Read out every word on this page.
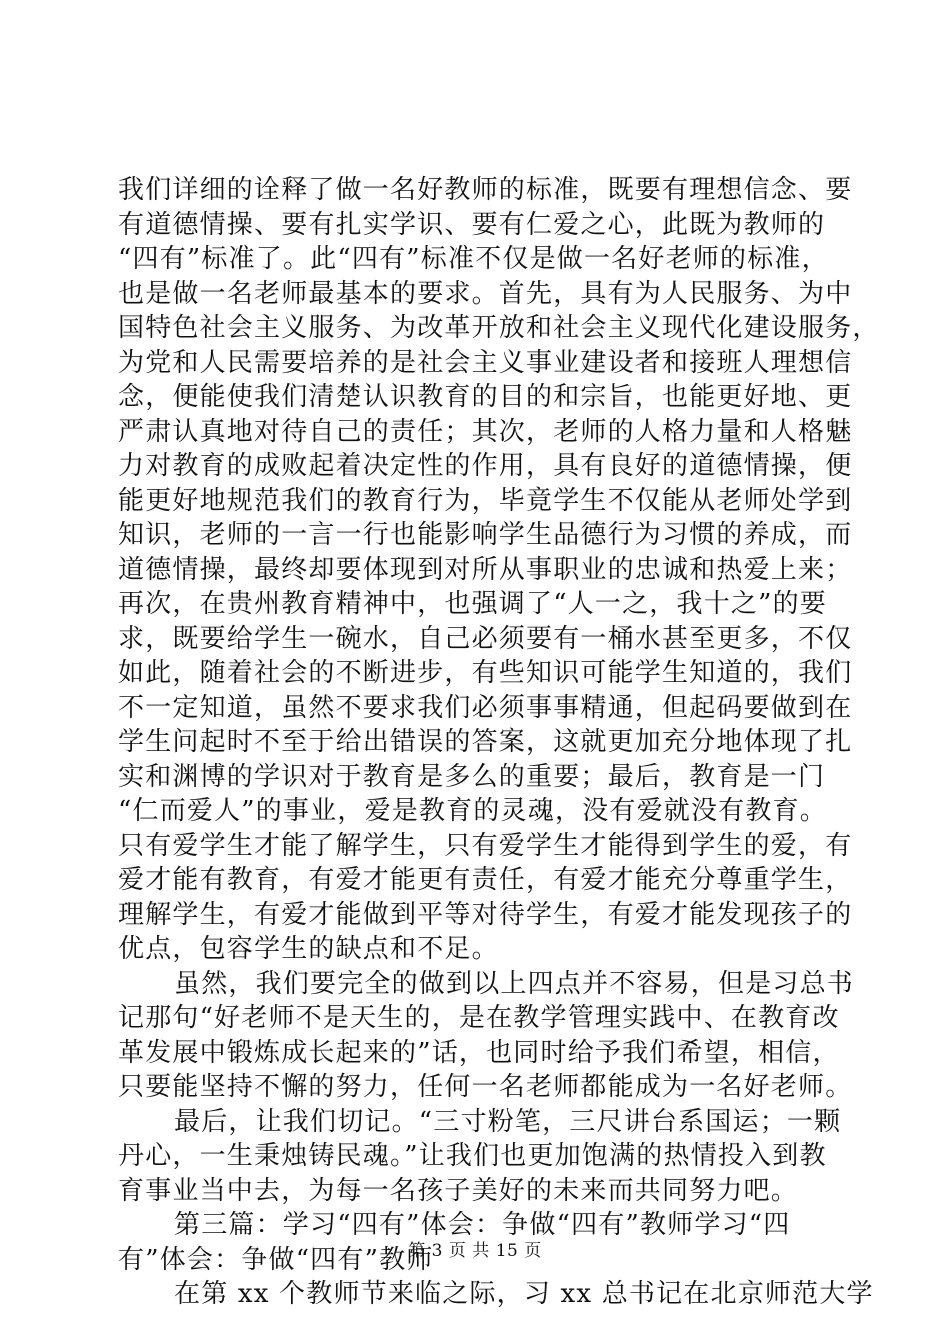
我们详细的诠释了做一名好教师的标准，既要有理想信念、要
有道德情操、要有扎实学识、要有仁爱之心，此既为教师的
“四有”标准了。此“四有”标准不仅是做一名好老师的标准，
也是做一名老师最基本的要求。首先，具有为人民服务、为中
国特色社会主义服务、为改革开放和社会主义现代化建设服务，
为党和人民需要培养的是社会主义事业建设者和接班人理想信
念，便能使我们清楚认识教育的目的和宗旨，也能更好地、更
严肃认真地对待自己的责任；其次，老师的人格力量和人格魅
力对教育的成败起着决定性的作用，具有良好的道德情操，便
能更好地规范我们的教育行为，毕竟学生不仅能从老师处学到
知识，老师的一言一行也能影响学生品德行为习惯的养成，而
道德情操，最终却要体现到对所从事职业的忠诚和热爱上来；
再次，在贵州教育精神中，也强调了“人一之，我十之”的要
求，既要给学生一碗水，自己必须要有一桶水甚至更多，不仅
如此，随着社会的不断进步，有些知识可能学生知道的，我们
不一定知道，虽然不要求我们必须事事精通，但起码要做到在
学生问起时不至于给出错误的答案，这就更加充分地体现了扎
实和渊博的学识对于教育是多么的重要；最后，教育是一门
“仁而爱人”的事业，爱是教育的灵魂，没有爱就没有教育。
只有爱学生才能了解学生，只有爱学生才能得到学生的爱，有
爱才能有教育，有爱才能更有责任，有爱才能充分尊重学生，
理解学生，有爱才能做到平等对待学生，有爱才能发现孩子的
优点，包容学生的缺点和不足。
虽然，我们要完全的做到以上四点并不容易，但是习总书
记那句“好老师不是天生的，是在教学管理实践中、在教育改
革发展中锻炼成长起来的”话，也同时给予我们希望，相信，
只要能坚持不懈的努力，任何一名老师都能成为一名好老师。
最后，让我们切记。“三寸粉笔，三尺讲台系国运；一颗
丹心，一生秉烛铸民魂。”让我们也更加饱满的热情投入到教
育事业当中去，为每一名孩子美好的未来而共同努力吧。
第三篇：学习“四有”体会：争做“四有”教师学习“四
有”体会：争做“四有”教师
在第 xx 个教师节来临之际，习 xx 总书记在北京师范大学
第 3 页 共 15 页
